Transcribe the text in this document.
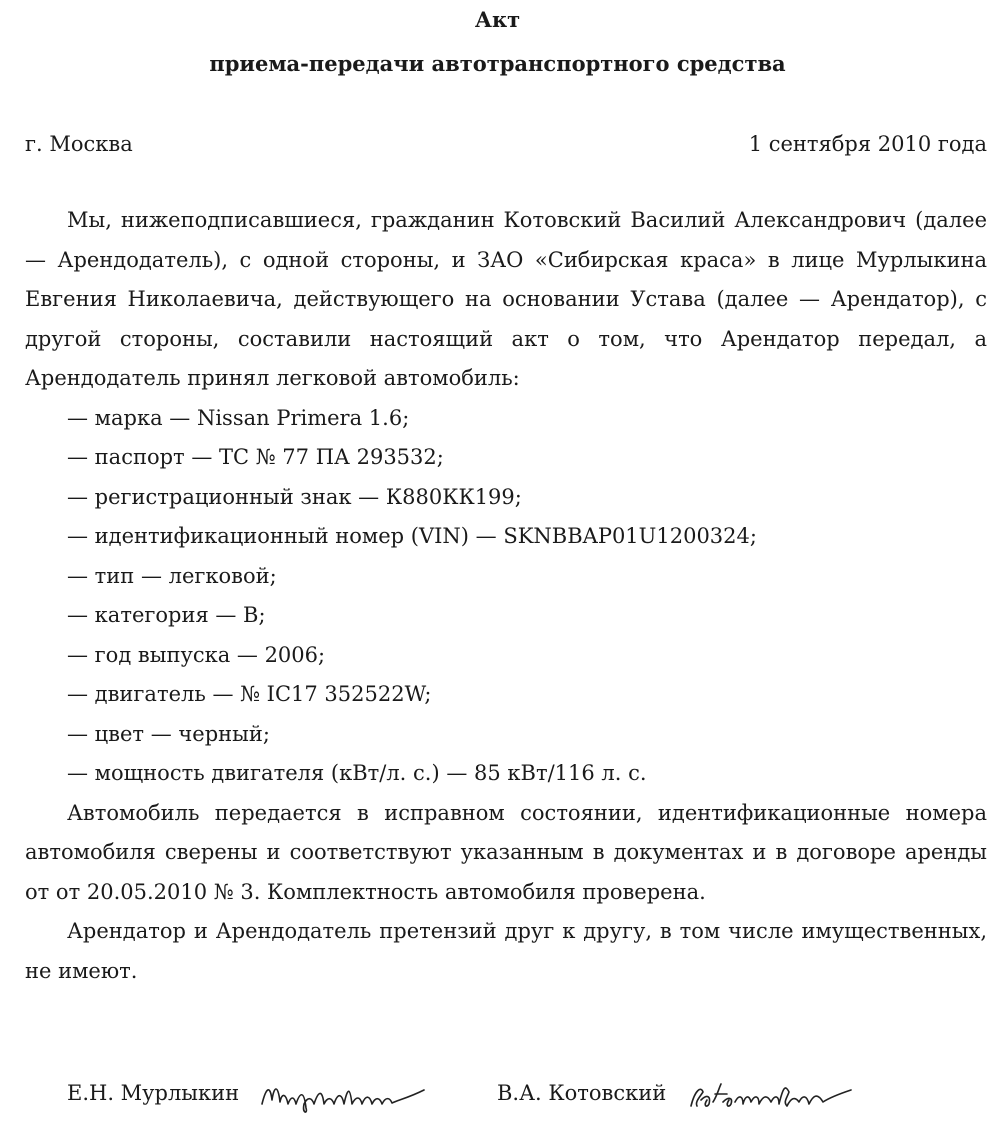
Акт
приема-передачи автотранспортного средства
г. Москва	1 сентября 2010 года

Мы, нижеподписавшиеся, гражданин Котовский Василий Александрович (далее — Арендодатель), с одной стороны, и ЗАО «Сибирская краса» в лице Мурлыкина Евгения Николаевича, действующего на основании Устава (далее — Арендатор), с другой стороны, составили настоящий акт о том, что Арендатор передал, а Арендодатель принял легковой автомобиль:

— марка — Nissan Primera 1.6;

— паспорт — ТС № 77 ПА 293532;

— регистрационный знак — К880КК199;

— идентификационный номер (VIN) — SKNBBAP01U1200324;

— тип — легковой;

— категория — B;

— год выпуска — 2006;

— двигатель — № IC17 352522W;

— цвет — черный;

— мощность двигателя (кВт/л. с.) — 85 кВт/116 л. с.

Автомобиль передается в исправном состоянии, идентификационные номера автомобиля сверены и соответствуют указанным в документах и в договоре аренды от от 20.05.2010 № 3. Комплектность автомобиля проверена.

Арендатор и Арендодатель претензий друг к другу, в том числе имущественных, не имеют.

Е.Н. Мурлыкин	В.А. Котовский
